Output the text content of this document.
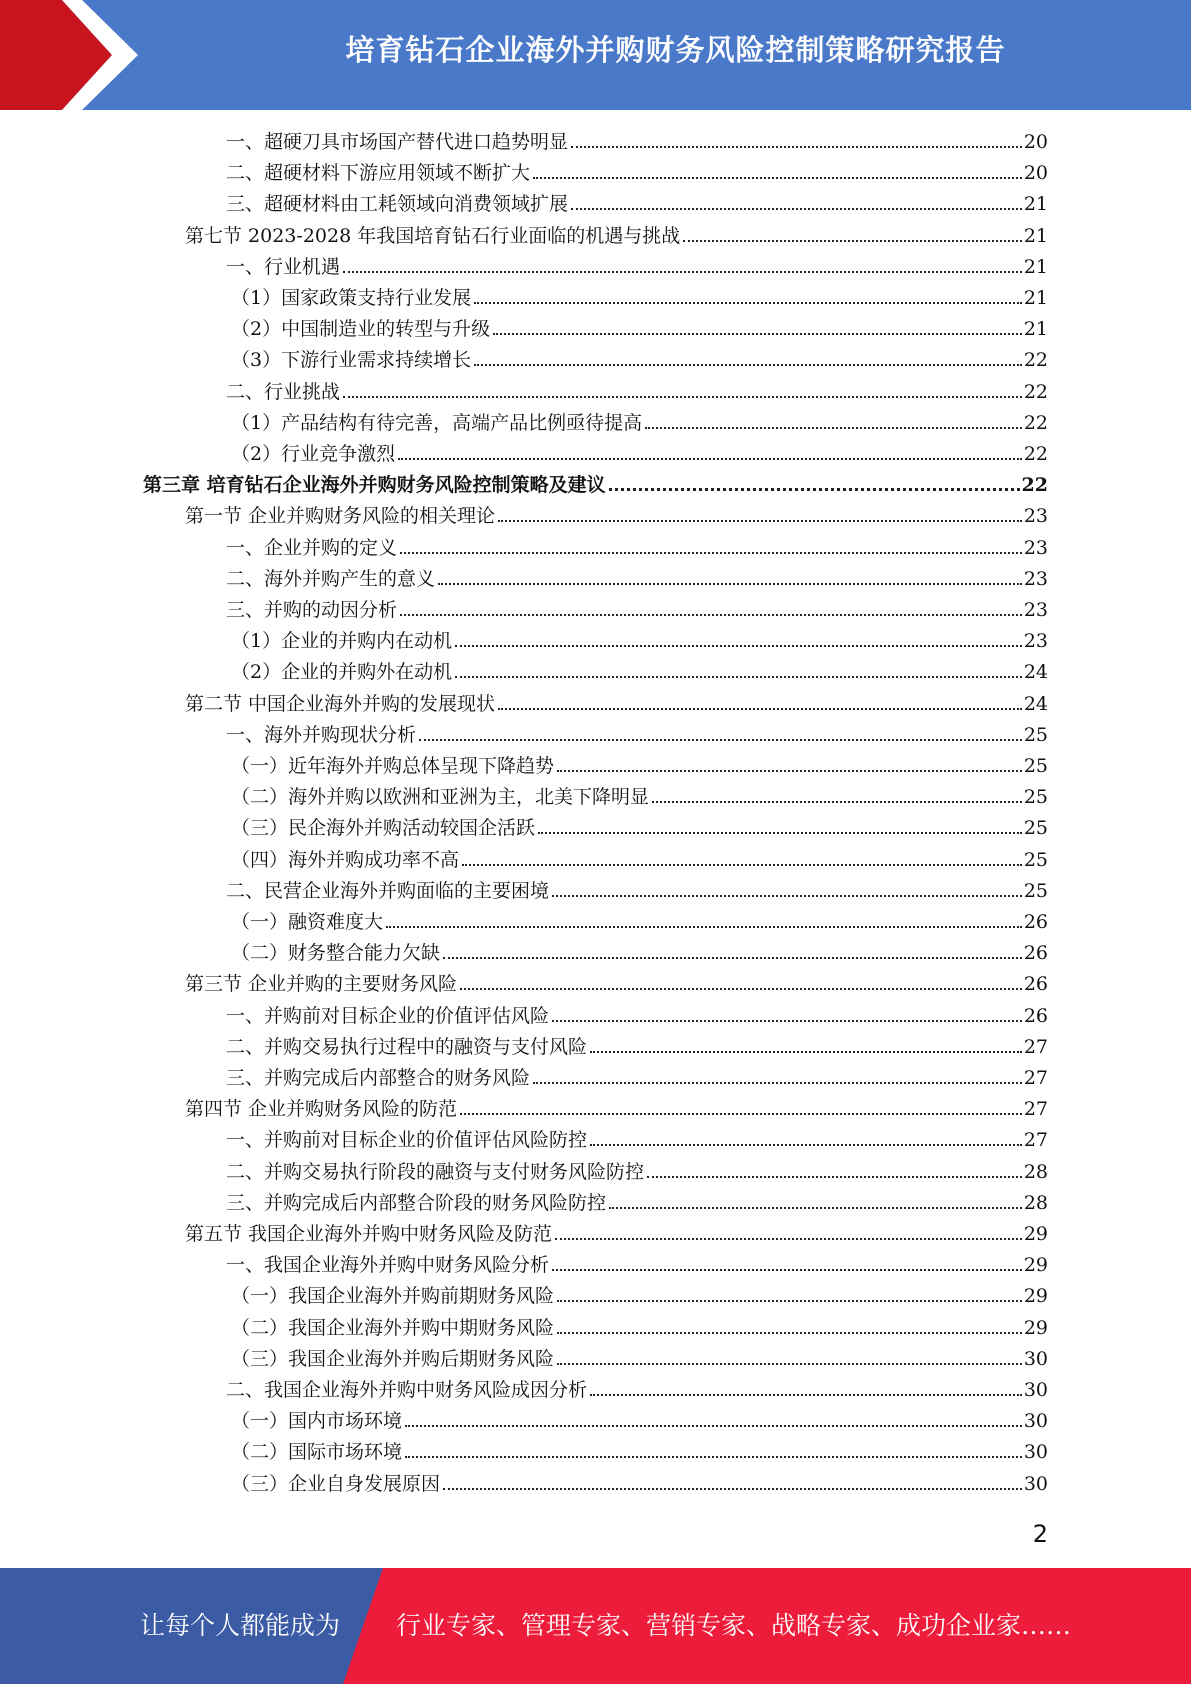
培育钻石企业海外并购财务风险控制策略研究报告
一、超硬刀具市场国产替代进口趋势明显	20
二、超硬材料下游应用领域不断扩大	20
三、超硬材料由工耗领域向消费领域扩展	21
第七节 2023-2028 年我国培育钻石行业面临的机遇与挑战	21
一、行业机遇	21
（1）国家政策支持行业发展	21
（2）中国制造业的转型与升级	21
（3）下游行业需求持续增长	22
二、行业挑战	22
（1）产品结构有待完善，高端产品比例亟待提高	22
（2）行业竞争激烈	22
第三章 培育钻石企业海外并购财务风险控制策略及建议	22
第一节 企业并购财务风险的相关理论	23
一、企业并购的定义	23
二、海外并购产生的意义	23
三、并购的动因分析	23
（1）企业的并购内在动机	23
（2）企业的并购外在动机	24
第二节 中国企业海外并购的发展现状	24
一、海外并购现状分析	25
（一）近年海外并购总体呈现下降趋势	25
（二）海外并购以欧洲和亚洲为主，北美下降明显	25
（三）民企海外并购活动较国企活跃	25
（四）海外并购成功率不高	25
二、民营企业海外并购面临的主要困境	25
（一）融资难度大	26
（二）财务整合能力欠缺	26
第三节 企业并购的主要财务风险	26
一、并购前对目标企业的价值评估风险	26
二、并购交易执行过程中的融资与支付风险	27
三、并购完成后内部整合的财务风险	27
第四节 企业并购财务风险的防范	27
一、并购前对目标企业的价值评估风险防控	27
二、并购交易执行阶段的融资与支付财务风险防控	28
三、并购完成后内部整合阶段的财务风险防控	28
第五节 我国企业海外并购中财务风险及防范	29
一、我国企业海外并购中财务风险分析	29
（一）我国企业海外并购前期财务风险	29
（二）我国企业海外并购中期财务风险	29
（三）我国企业海外并购后期财务风险	30
二、我国企业海外并购中财务风险成因分析	30
（一）国内市场环境	30
（二）国际市场环境	30
（三）企业自身发展原因	30
2
让每个人都能成为 行业专家、管理专家、营销专家、战略专家、成功企业家……
